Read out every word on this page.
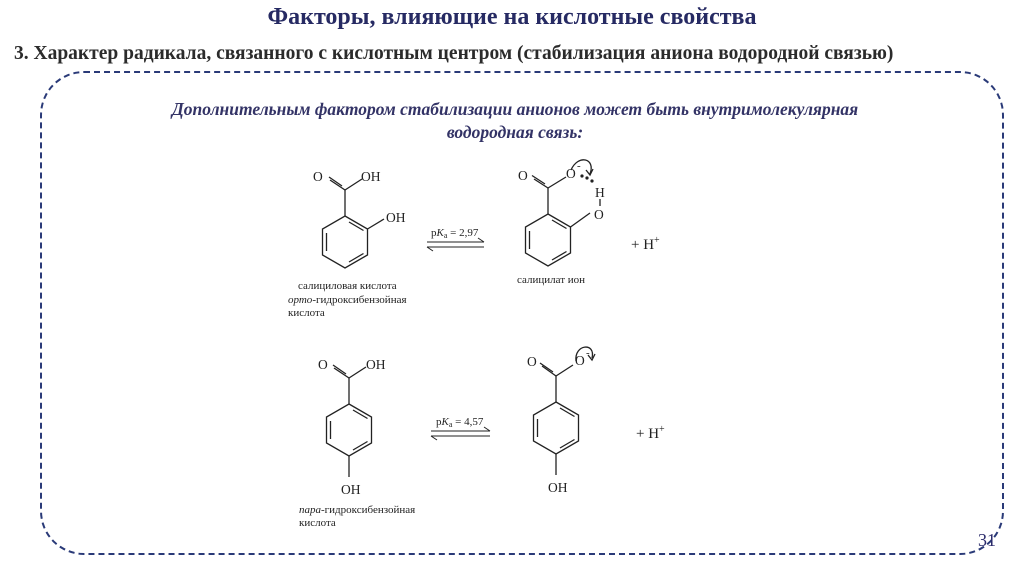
Факторы, влияющие на кислотные свойства
3. Характер радикала, связанного с кислотным центром (стабилизация аниона водородной связью)
Дополнительным фактором стабилизации анионов может быть внутримолекулярная
водородная связь:
O	OH
OH
салициловая кислота
орто-гидроксибензойная
кислота
pKa = 2,97
O	O -
H
O
салицилат ион
+ H+
O	OH
OH
пара-гидроксибензойная
кислота
pKa = 4,57
O	O -
OH
+ H+
31
